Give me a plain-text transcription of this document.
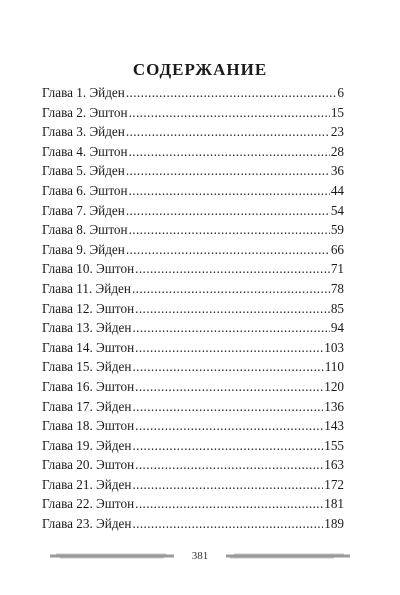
СОДЕРЖАНИЕ
Глава 1. Эйден .....	6
Глава 2. Эштон .....	15
Глава 3. Эйден .....	23
Глава 4. Эштон .....	28
Глава 5. Эйден .....	36
Глава 6. Эштон .....	44
Глава 7. Эйден .....	54
Глава 8. Эштон .....	59
Глава 9. Эйден .....	66
Глава 10. Эштон .....	71
Глава 11. Эйден .....	78
Глава 12. Эштон .....	85
Глава 13. Эйден .....	94
Глава 14. Эштон .....	103
Глава 15. Эйден .....	110
Глава 16. Эштон .....	120
Глава 17. Эйден .....	136
Глава 18. Эштон .....	143
Глава 19. Эйден .....	155
Глава 20. Эштон .....	163
Глава 21. Эйден .....	172
Глава 22. Эштон .....	181
Глава 23. Эйден .....	189
381
